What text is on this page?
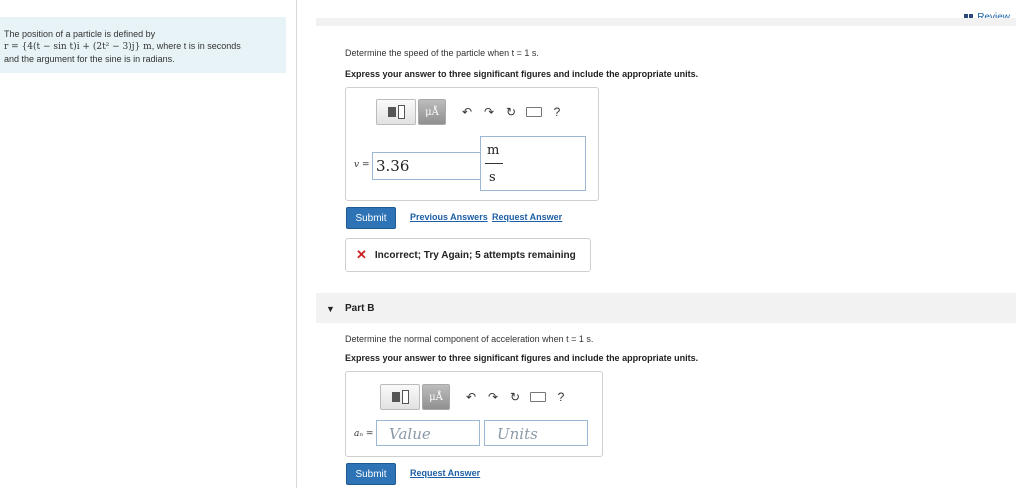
The position of a particle is defined by
r = {4(t − sin t)i + (2t² − 3)j} m, where t is in seconds
and the argument for the sine is in radians.
Determine the speed of the particle when t = 1 s.
Express your answer to three significant figures and include the appropriate units.
μÅ	↶ ↷ ↻	?
v = 3.36
m
s
Submit	Previous Answers Request Answer
✕ Incorrect; Try Again; 5 attempts remaining
▼ Part B
Determine the normal component of acceleration when t = 1 s.
Express your answer to three significant figures and include the appropriate units.
μÅ	↶ ↷ ↻	?
aₙ =	Value	Units
Submit	Request Answer
